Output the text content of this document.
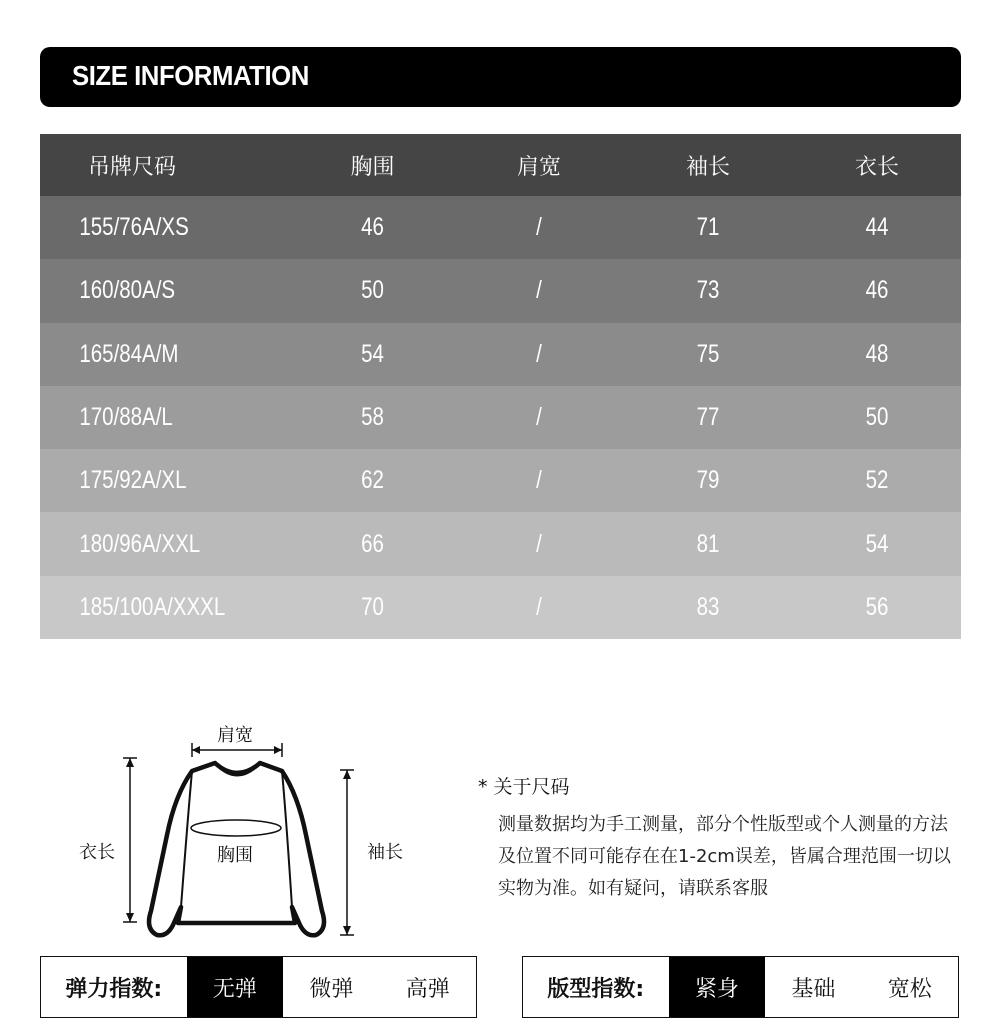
SIZE INFORMATION
吊牌尺码	胸围	肩宽	袖长	衣长
155/76A/XS	46	/	71	44
160/80A/S	50	/	73	46
165/84A/M	54	/	75	48
170/88A/L	58	/	77	50
175/92A/XL	62	/	79	52
180/96A/XXL	66	/	81	54
185/100A/XXXL	70	/	83	56
肩宽
衣长	胸围	袖长
* 关于尺码
测量数据均为手工测量，部分个性版型或个人测量的方法及位置不同可能存在在1-2cm误差，皆属合理范围一切以实物为准。如有疑问，请联系客服
弹力指数:	无弹	微弹	高弹	版型指数:	紧身	基础	宽松
